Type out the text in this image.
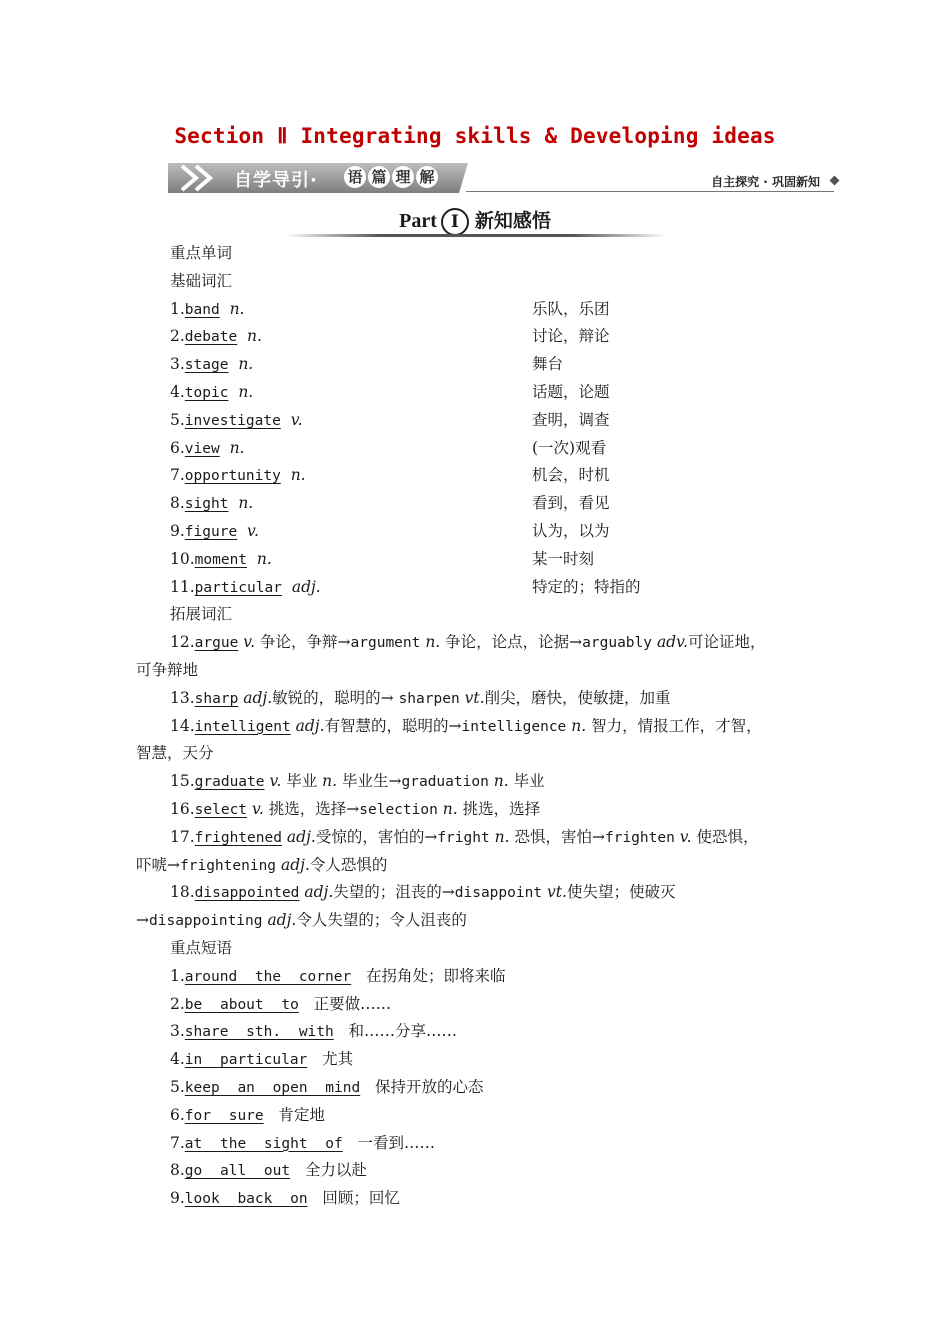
Section Ⅱ Integrating skills & Developing ideas
自学导引· 语 篇 理 解	自主探究 · 巩固新知
Part Ⅰ 新知感悟
重点单词
基础词汇
1.band n.	乐队，乐团
2.debate n.	讨论，辩论
3.stage n.	舞台
4.topic n.	话题，论题
5.investigate v.	查明，调查
6.view n.	(一次)观看
7.opportunity n.	机会，时机
8.sight n.	看到，看见
9.figure v.	认为，以为
10.moment n.	某一时刻
11.particular adj.	特定的；特指的
拓展词汇
12.argue v. 争论，争辩→argument n. 争论，论点，论据→arguably adv.可论证地，
可争辩地
13.sharp adj.敏锐的，聪明的→ sharpen vt.削尖，磨快，使敏捷，加重
14.intelligent adj.有智慧的，聪明的→intelligence n. 智力，情报工作，才智，
智慧，天分
15.graduate v. 毕业 n. 毕业生→graduation n. 毕业
16.select v. 挑选，选择→selection n. 挑选，选择
17.frightened adj.受惊的，害怕的→fright n. 恐惧，害怕→frighten v. 使恐惧，
吓唬→frightening adj.令人恐惧的
18.disappointed adj.失望的；沮丧的→disappoint vt.使失望；使破灭
→disappointing adj.令人失望的；令人沮丧的
重点短语
1.around the corner 在拐角处；即将来临
2.be about to 正要做……
3.share sth. with 和……分享……
4.in particular 尤其
5.keep an open mind 保持开放的心态
6.for sure 肯定地
7.at the sight of 一看到……
8.go all out 全力以赴
9.look back on 回顾；回忆
